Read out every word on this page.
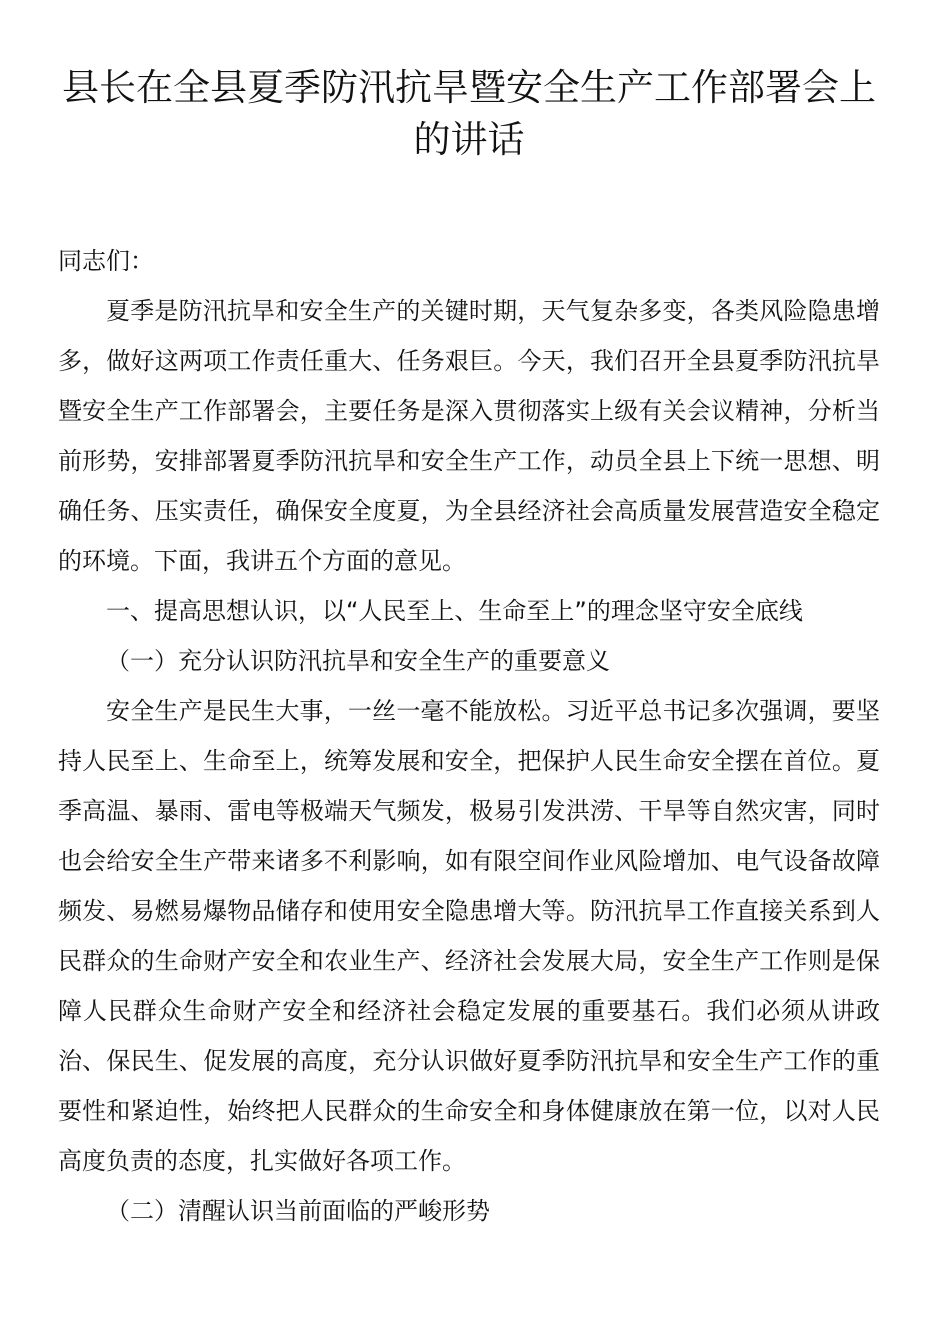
县长在全县夏季防汛抗旱暨安全生产工作部署会上的讲话

同志们：

夏季是防汛抗旱和安全生产的关键时期，天气复杂多变，各类风险隐患增多，做好这两项工作责任重大、任务艰巨。今天，我们召开全县夏季防汛抗旱暨安全生产工作部署会，主要任务是深入贯彻落实上级有关会议精神，分析当前形势，安排部署夏季防汛抗旱和安全生产工作，动员全县上下统一思想、明确任务、压实责任，确保安全度夏，为全县经济社会高质量发展营造安全稳定的环境。下面，我讲五个方面的意见。

一、提高思想认识，以“人民至上、生命至上”的理念坚守安全底线

（一）充分认识防汛抗旱和安全生产的重要意义

安全生产是民生大事，一丝一毫不能放松。习近平总书记多次强调，要坚持人民至上、生命至上，统筹发展和安全，把保护人民生命安全摆在首位。夏季高温、暴雨、雷电等极端天气频发，极易引发洪涝、干旱等自然灾害，同时也会给安全生产带来诸多不利影响，如有限空间作业风险增加、电气设备故障频发、易燃易爆物品储存和使用安全隐患增大等。防汛抗旱工作直接关系到人民群众的生命财产安全和农业生产、经济社会发展大局，安全生产工作则是保障人民群众生命财产安全和经济社会稳定发展的重要基石。我们必须从讲政治、保民生、促发展的高度，充分认识做好夏季防汛抗旱和安全生产工作的重要性和紧迫性，始终把人民群众的生命安全和身体健康放在第一位，以对人民高度负责的态度，扎实做好各项工作。

（二）清醒认识当前面临的严峻形势
